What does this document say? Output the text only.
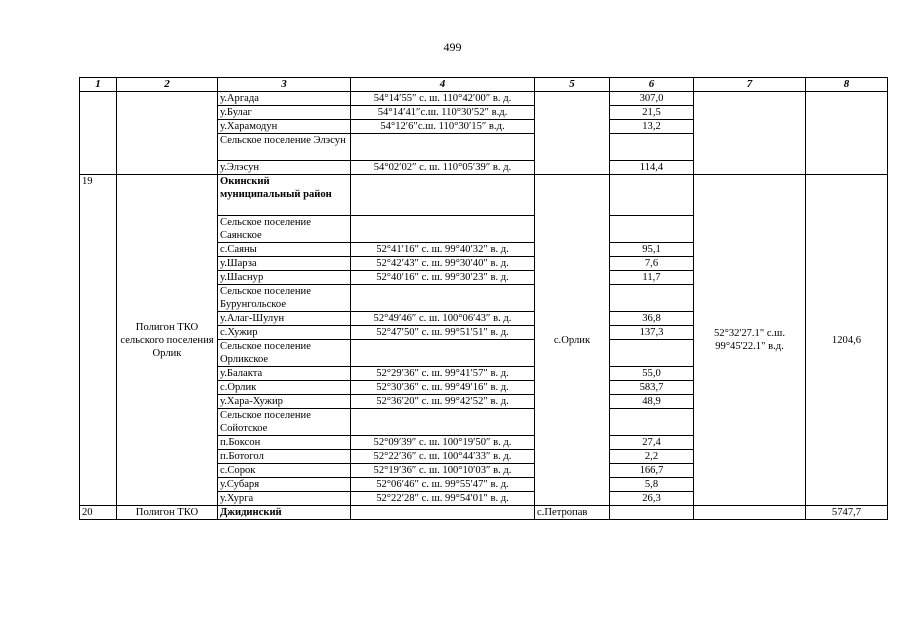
499
1	2	3	4	5	6	7	8
		у.Аргада	54°14′55″ с. ш. 110°42′00″ в. д.		307,0		
		у.Булаг	54°14′41″с.ш. 110°30′52″ в.д.		21,5		
		у.Харамодун	54°12′6″с.ш. 110°30′15″ в.д.		13,2		
		Сельское поселение Элэсун					
		у.Элэсун	54°02′02″ с. ш. 110°05′39″ в. д.		114,4		
19	Полигон ТКО сельского поселения Орлик	Окинский муниципальный район		с.Орлик		52°32'27.1" с.ш. 99°45'22.1" в.д.	1204,6
		Сельское поселение Саянское					
		с.Саяны	52°41′16″ с. ш. 99°40′32″ в. д.		95,1		
		у.Шарза	52°42′43″ с. ш. 99°30′40″ в. д.		7,6		
		у.Шаснур	52°40′16″ с. ш. 99°30′23″ в. д.		11,7		
		Сельское поселение Бурунгольское					
		у.Алаг-Шулун	52°49′46″ с. ш. 100°06′43″ в. д.		36,8		
		с.Хужир	52°47′50″ с. ш. 99°51′51″ в. д.		137,3		
		Сельское поселение Орликское					
		у.Балакта	52°29′36″ с. ш. 99°41′57″ в. д.		55,0		
		с.Орлик	52°30′36″ с. ш. 99°49′16″ в. д.		583,7		
		у.Хара-Хужир	52°36′20″ с. ш. 99°42′52″ в. д.		48,9		
		Сельское поселение Сойотское					
		п.Боксон	52°09′39″ с. ш. 100°19′50″ в. д.		27,4		
		п.Ботогол	52°22′36″ с. ш. 100°44′33″ в. д.		2,2		
		с.Сорок	52°19′36″ с. ш. 100°10′03″ в. д.		166,7		
		у.Субаря	52°06′46″ с. ш. 99°55′47″ в. д.		5,8		
		у.Хурга	52°22′28″ с. ш. 99°54′01″ в. д.		26,3		
20	Полигон ТКО	Джидинский		с.Петропав			5747,7
